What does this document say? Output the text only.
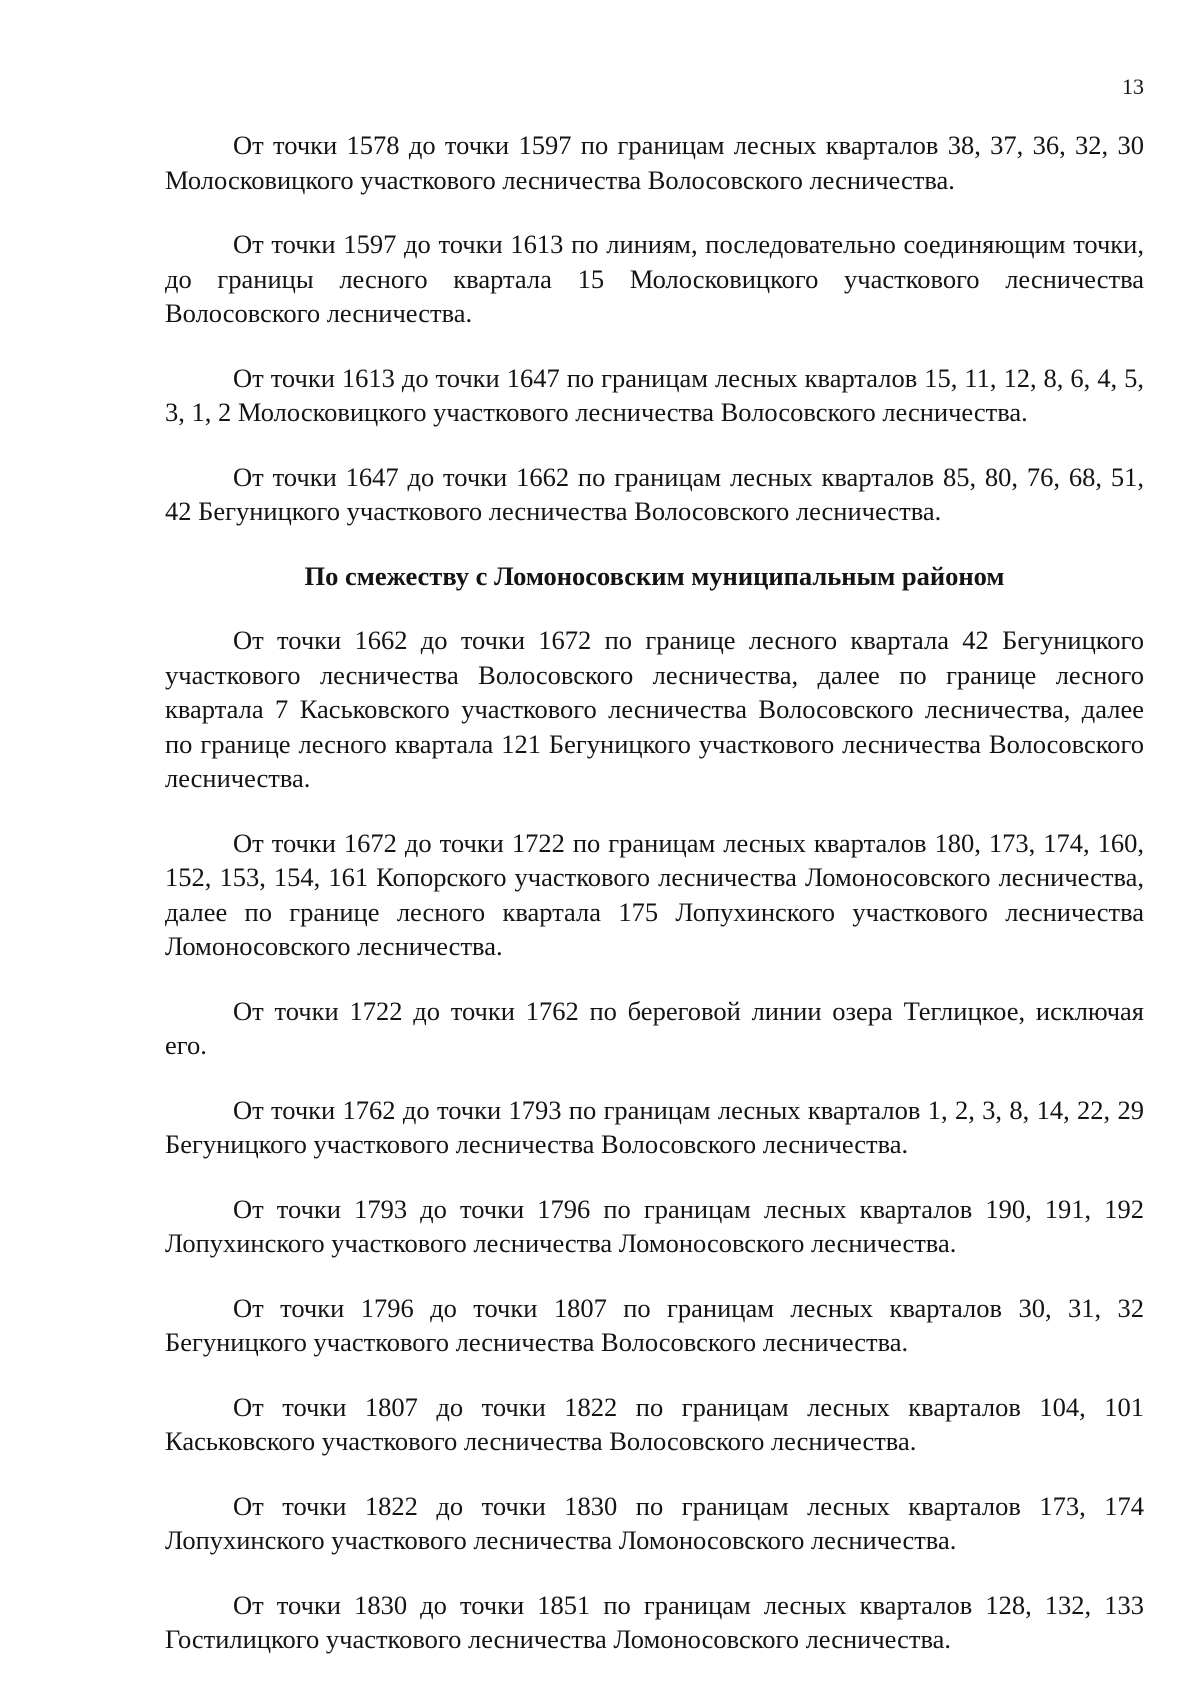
13

От точки 1578 до точки 1597 по границам лесных кварталов 38, 37, 36, 32, 30 Молосковицкого участкового лесничества Волосовского лесничества.

От точки 1597 до точки 1613 по линиям, последовательно соединяющим точки, до границы лесного квартала 15 Молосковицкого участкового лесничества Волосовского лесничества.

От точки 1613 до точки 1647 по границам лесных кварталов 15, 11, 12, 8, 6, 4, 5, 3, 1, 2 Молосковицкого участкового лесничества Волосовского лесничества.

От точки 1647 до точки 1662 по границам лесных кварталов 85, 80, 76, 68, 51, 42 Бегуницкого участкового лесничества Волосовского лесничества.

По смежеству с Ломоносовским муниципальным районом

От точки 1662 до точки 1672 по границе лесного квартала 42 Бегуницкого участкового лесничества Волосовского лесничества, далее по границе лесного квартала 7 Каськовского участкового лесничества Волосовского лесничества, далее по границе лесного квартала 121 Бегуницкого участкового лесничества Волосовского лесничества.

От точки 1672 до точки 1722 по границам лесных кварталов 180, 173, 174, 160, 152, 153, 154, 161 Копорского участкового лесничества Ломоносовского лесничества, далее по границе лесного квартала 175 Лопухинского участкового лесничества Ломоносовского лесничества.

От точки 1722 до точки 1762 по береговой линии озера Теглицкое, исключая его.

От точки 1762 до точки 1793 по границам лесных кварталов 1, 2, 3, 8, 14, 22, 29 Бегуницкого участкового лесничества Волосовского лесничества.

От точки 1793 до точки 1796 по границам лесных кварталов 190, 191, 192 Лопухинского участкового лесничества Ломоносовского лесничества.

От точки 1796 до точки 1807 по границам лесных кварталов 30, 31, 32 Бегуницкого участкового лесничества Волосовского лесничества.

От точки 1807 до точки 1822 по границам лесных кварталов 104, 101 Каськовского участкового лесничества Волосовского лесничества.

От точки 1822 до точки 1830 по границам лесных кварталов 173, 174 Лопухинского участкового лесничества Ломоносовского лесничества.

От точки 1830 до точки 1851 по границам лесных кварталов 128, 132, 133 Гостилицкого участкового лесничества Ломоносовского лесничества.
